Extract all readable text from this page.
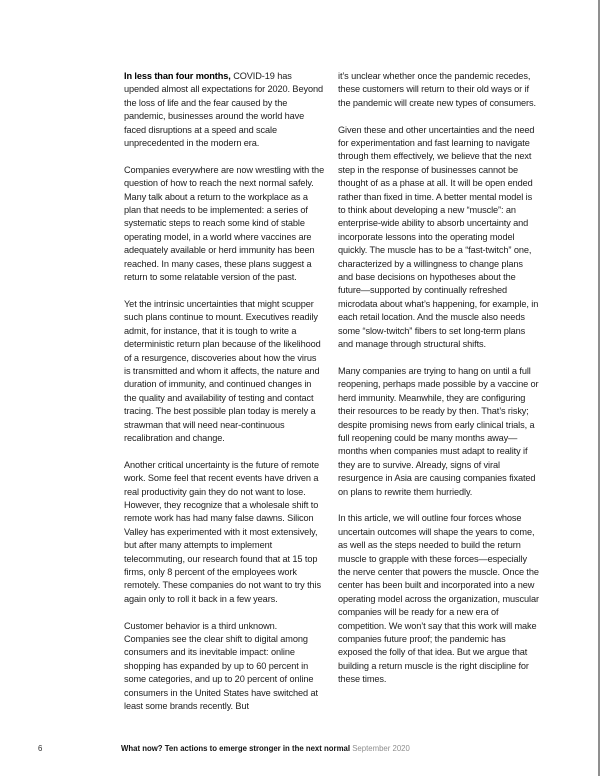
In less than four months, COVID-19 has upended almost all expectations for 2020. Beyond the loss of life and the fear caused by the pandemic, businesses around the world have faced disruptions at a speed and scale unprecedented in the modern era.

Companies everywhere are now wrestling with the question of how to reach the next normal safely. Many talk about a return to the workplace as a plan that needs to be implemented: a series of systematic steps to reach some kind of stable operating model, in a world where vaccines are adequately available or herd immunity has been reached. In many cases, these plans suggest a return to some relatable version of the past.

Yet the intrinsic uncertainties that might scupper such plans continue to mount. Executives readily admit, for instance, that it is tough to write a deterministic return plan because of the likelihood of a resurgence, discoveries about how the virus is transmitted and whom it affects, the nature and duration of immunity, and continued changes in the quality and availability of testing and contact tracing. The best possible plan today is merely a strawman that will need near-continuous recalibration and change.

Another critical uncertainty is the future of remote work. Some feel that recent events have driven a real productivity gain they do not want to lose. However, they recognize that a wholesale shift to remote work has had many false dawns. Silicon Valley has experimented with it most extensively, but after many attempts to implement telecommuting, our research found that at 15 top firms, only 8 percent of the employees work remotely. These companies do not want to try this again only to roll it back in a few years.

Customer behavior is a third unknown. Companies see the clear shift to digital among consumers and its inevitable impact: online shopping has expanded by up to 60 percent in some categories, and up to 20 percent of online consumers in the United States have switched at least some brands recently. But

it’s unclear whether once the pandemic recedes, these customers will return to their old ways or if the pandemic will create new types of consumers.

Given these and other uncertainties and the need for experimentation and fast learning to navigate through them effectively, we believe that the next step in the response of businesses cannot be thought of as a phase at all. It will be open ended rather than fixed in time. A better mental model is to think about developing a new “muscle”: an enterprise-wide ability to absorb uncertainty and incorporate lessons into the operating model quickly. The muscle has to be a “fast-twitch” one, characterized by a willingness to change plans and base decisions on hypotheses about the future—supported by continually refreshed microdata about what’s happening, for example, in each retail location. And the muscle also needs some “slow-twitch” fibers to set long-term plans and manage through structural shifts.

Many companies are trying to hang on until a full reopening, perhaps made possible by a vaccine or herd immunity. Meanwhile, they are configuring their resources to be ready by then. That’s risky; despite promising news from early clinical trials, a full reopening could be many months away—months when companies must adapt to reality if they are to survive. Already, signs of viral resurgence in Asia are causing companies fixated on plans to rewrite them hurriedly.

In this article, we will outline four forces whose uncertain outcomes will shape the years to come, as well as the steps needed to build the return muscle to grapple with these forces—especially the nerve center that powers the muscle. Once the center has been built and incorporated into a new operating model across the organization, muscular companies will be ready for a new era of competition. We won’t say that this work will make companies future proof; the pandemic has exposed the folly of that idea. But we argue that building a return muscle is the right discipline for these times.

6	What now? Ten actions to emerge stronger in the next normal September 2020
